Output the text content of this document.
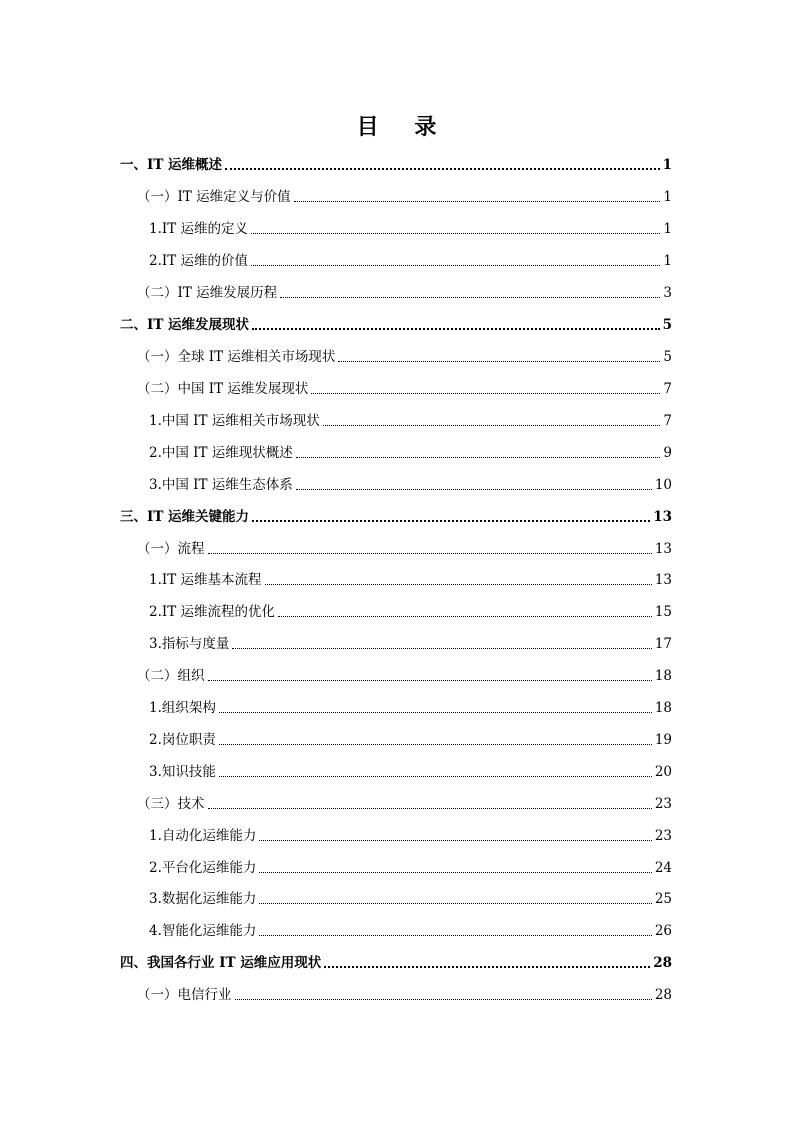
目 录
一、IT 运维概述	1
（一）IT 运维定义与价值	1
1.IT 运维的定义	1
2.IT 运维的价值	1
（二）IT 运维发展历程	3
二、IT 运维发展现状	5
（一）全球 IT 运维相关市场现状	5
（二）中国 IT 运维发展现状	7
1.中国 IT 运维相关市场现状	7
2.中国 IT 运维现状概述	9
3.中国 IT 运维生态体系	10
三、IT 运维关键能力	13
（一）流程	13
1.IT 运维基本流程	13
2.IT 运维流程的优化	15
3.指标与度量	17
（二）组织	18
1.组织架构	18
2.岗位职责	19
3.知识技能	20
（三）技术	23
1.自动化运维能力	23
2.平台化运维能力	24
3.数据化运维能力	25
4.智能化运维能力	26
四、我国各行业 IT 运维应用现状	28
（一）电信行业	28
